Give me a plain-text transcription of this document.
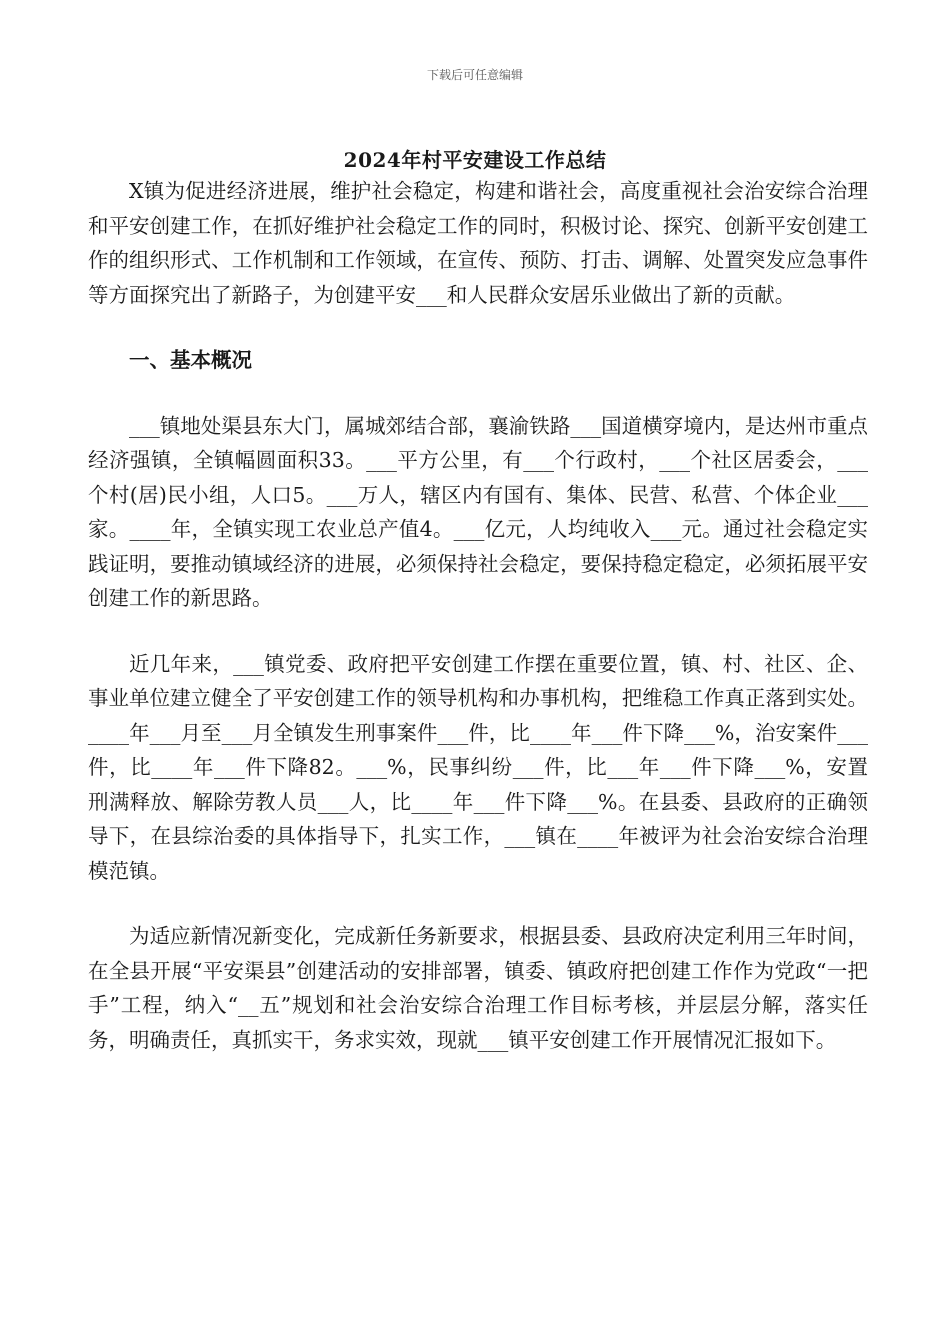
下载后可任意编辑
2024年村平安建设工作总结

X镇为促进经济进展，维护社会稳定，构建和谐社会，高度重视社会治安综合治理和平安创建工作，在抓好维护社会稳定工作的同时，积极讨论、探究、创新平安创建工作的组织形式、工作机制和工作领域，在宣传、预防、打击、调解、处置突发应急事件等方面探究出了新路子，为创建平安___和人民群众安居乐业做出了新的贡献。

一、基本概况

___镇地处渠县东大门，属城郊结合部，襄渝铁路___国道横穿境内，是达州市重点经济强镇，全镇幅圆面积33。___平方公里，有___个行政村，___个社区居委会，___个村(居)民小组，人口5。___万人，辖区内有国有、集体、民营、私营、个体企业___家。____年，全镇实现工农业总产值4。___亿元，人均纯收入___元。通过社会稳定实践证明，要推动镇域经济的进展，必须保持社会稳定，要保持稳定稳定，必须拓展平安创建工作的新思路。

近几年来，___镇党委、政府把平安创建工作摆在重要位置，镇、村、社区、企、事业单位建立健全了平安创建工作的领导机构和办事机构，把维稳工作真正落到实处。____年___月至___月全镇发生刑事案件___件，比____年___件下降___%，治安案件___件，比____年___件下降82。___%，民事纠纷___件，比___年___件下降___%，安置刑满释放、解除劳教人员___人，比____年___件下降___%。在县委、县政府的正确领导下，在县综治委的具体指导下，扎实工作，___镇在____年被评为社会治安综合治理模范镇。

为适应新情况新变化，完成新任务新要求，根据县委、县政府决定利用三年时间，在全县开展“平安渠县”创建活动的安排部署，镇委、镇政府把创建工作作为党政“一把手”工程，纳入“__五”规划和社会治安综合治理工作目标考核，并层层分解，落实任务，明确责任，真抓实干，务求实效，现就___镇平安创建工作开展情况汇报如下。
